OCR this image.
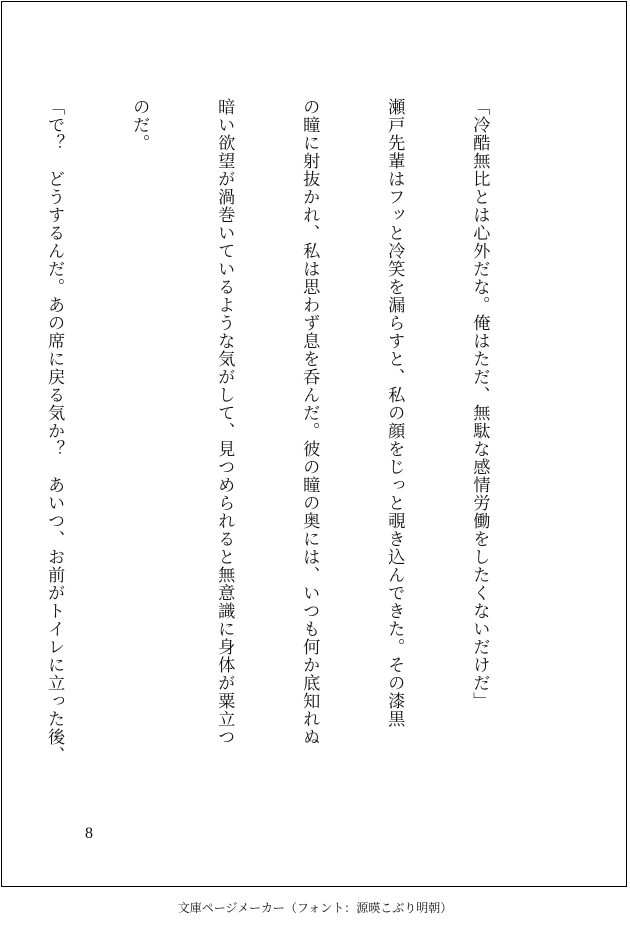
「冷酷無比とは心外だな。俺はただ、無駄な感情労働をしたくないだけだ」

瀬戸先輩はフッと冷笑を漏らすと、私の顔をじっと覗き込んできた。その漆黒

の瞳に射抜かれ、私は思わず息を呑んだ。彼の瞳の奥には、いつも何か底知れぬ

暗い欲望が渦巻いているような気がして、見つめられると無意識に身体が粟立つ

のだ。

「で？　どうするんだ。あの席に戻る気か？　あいつ、お前がトイレに立った後、

8
文庫ページメーカー（フォント：源暎こぶり明朝）
